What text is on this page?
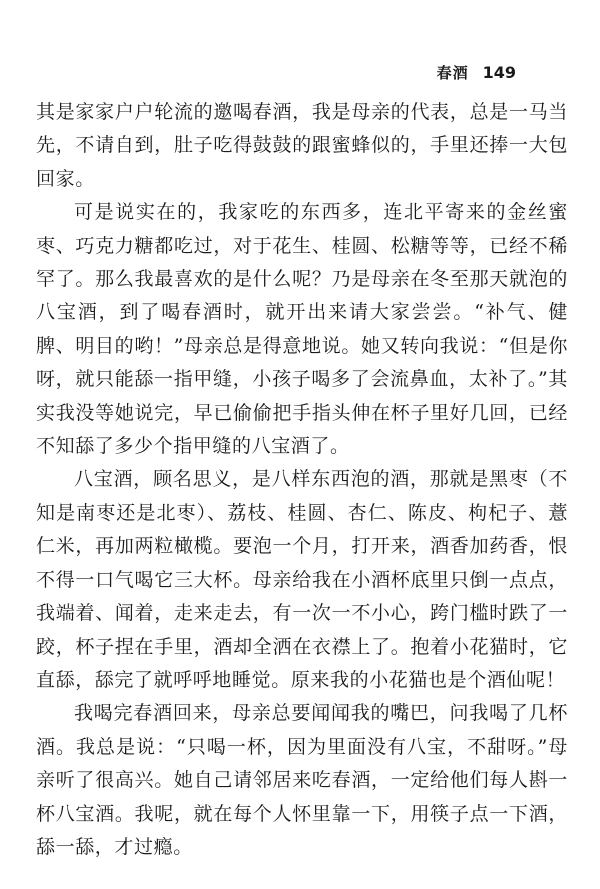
春酒 149

其是家家户户轮流的邀喝春酒，我是母亲的代表，总是一马当先，不请自到，肚子吃得鼓鼓的跟蜜蜂似的，手里还捧一大包回家。

可是说实在的，我家吃的东西多，连北平寄来的金丝蜜枣、巧克力糖都吃过，对于花生、桂圆、松糖等等，已经不稀罕了。那么我最喜欢的是什么呢？乃是母亲在冬至那天就泡的八宝酒，到了喝春酒时，就开出来请大家尝尝。“补气、健脾、明目的哟！”母亲总是得意地说。她又转向我说：“但是你呀，就只能舔一指甲缝，小孩子喝多了会流鼻血，太补了。”其实我没等她说完，早已偷偷把手指头伸在杯子里好几回，已经不知舔了多少个指甲缝的八宝酒了。

八宝酒，顾名思义，是八样东西泡的酒，那就是黑枣（不知是南枣还是北枣）、荔枝、桂圆、杏仁、陈皮、枸杞子、薏仁米，再加两粒橄榄。要泡一个月，打开来，酒香加药香，恨不得一口气喝它三大杯。母亲给我在小酒杯底里只倒一点点，我端着、闻着，走来走去，有一次一不小心，跨门槛时跌了一跤，杯子捏在手里，酒却全洒在衣襟上了。抱着小花猫时，它直舔，舔完了就呼呼地睡觉。原来我的小花猫也是个酒仙呢！

我喝完春酒回来，母亲总要闻闻我的嘴巴，问我喝了几杯酒。我总是说：“只喝一杯，因为里面没有八宝，不甜呀。”母亲听了很高兴。她自己请邻居来吃春酒，一定给他们每人斟一杯八宝酒。我呢，就在每个人怀里靠一下，用筷子点一下酒，舔一舔，才过瘾。
